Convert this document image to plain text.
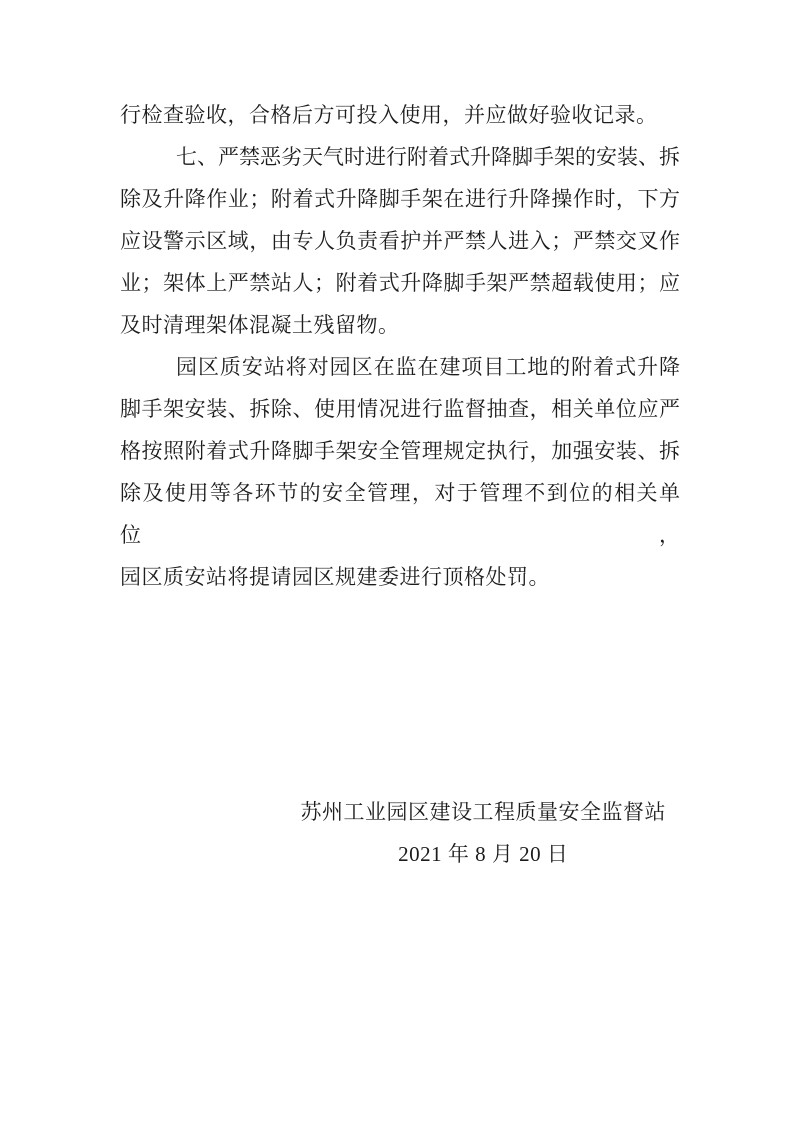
行检查验收，合格后方可投入使用，并应做好验收记录。

七、严禁恶劣天气时进行附着式升降脚手架的安装、拆

除及升降作业；附着式升降脚手架在进行升降操作时，下方

应设警示区域，由专人负责看护并严禁人进入；严禁交叉作

业；架体上严禁站人；附着式升降脚手架严禁超载使用；应

及时清理架体混凝土残留物。

园区质安站将对园区在监在建项目工地的附着式升降

脚手架安装、拆除、使用情况进行监督抽查，相关单位应严

格按照附着式升降脚手架安全管理规定执行，加强安装、拆

除及使用等各环节的安全管理，对于管理不到位的相关单位，

园区质安站将提请园区规建委进行顶格处罚。

苏州工业园区建设工程质量安全监督站

2021 年 8 月 20 日
